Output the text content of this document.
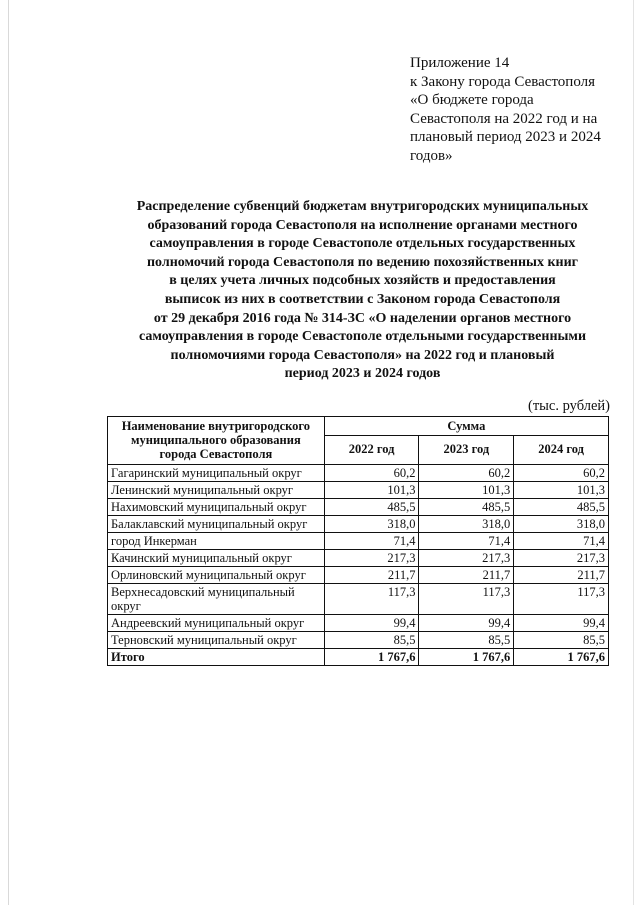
Приложение 14
к Закону города Севастополя
«О бюджете города
Севастополя на 2022 год и на
плановый период 2023 и 2024
годов»
Распределение субвенций бюджетам внутригородских муниципальных
образований города Севастополя на исполнение органами местного
самоуправления в городе Севастополе отдельных государственных
полномочий города Севастополя по ведению похозяйственных книг
в целях учета личных подсобных хозяйств и предоставления
выписок из них в соответствии с Законом города Севастополя
от 29 декабря 2016 года № 314-ЗС «О наделении органов местного
самоуправления в городе Севастополе отдельными государственными
полномочиями города Севастополя» на 2022 год и плановый
период 2023 и 2024 годов
(тыс. рублей)
Наименование внутригородского муниципального образования города Севастополя	Сумма		
	2022 год	2023 год	2024 год
Гагаринский муниципальный округ	60,2	60,2	60,2
Ленинский муниципальный округ	101,3	101,3	101,3
Нахимовский муниципальный округ	485,5	485,5	485,5
Балаклавский муниципальный округ	318,0	318,0	318,0
город Инкерман	71,4	71,4	71,4
Качинский муниципальный округ	217,3	217,3	217,3
Орлиновский муниципальный округ	211,7	211,7	211,7
Верхнесадовский муниципальный округ	117,3	117,3	117,3
Андреевский муниципальный округ	99,4	99,4	99,4
Терновский муниципальный округ	85,5	85,5	85,5
Итого	1 767,6	1 767,6	1 767,6
